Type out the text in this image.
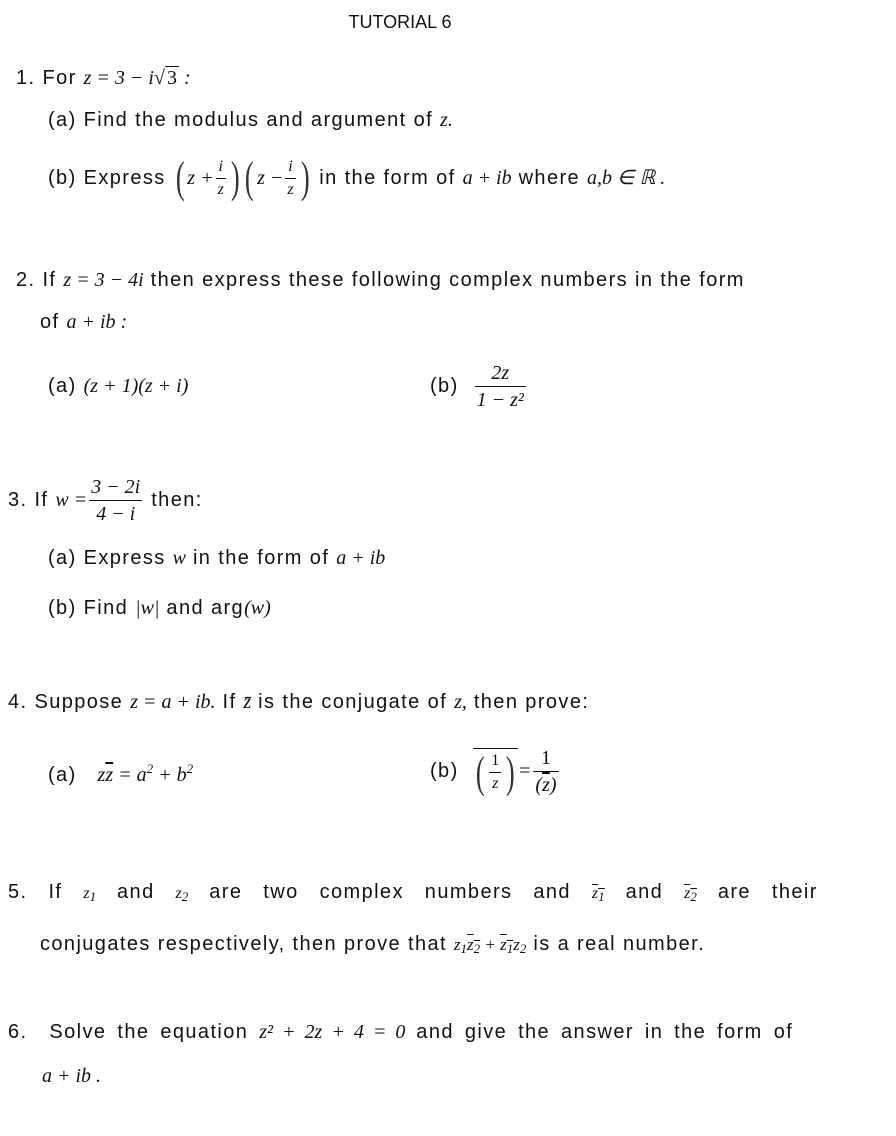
TUTORIAL 6
1. For z = 3 − i√ 3 :
(a) Find the modulus and argument of z.
(b)
Express
( $z + \frac{i}{z}$ ) ( $z - \frac{i}{z}$ )
in the form of
a + ib
where
a,b ∈ ℝ .
2. If z = 3 − 4i then express these following complex numbers in the form
of a + ib :
(a) (z + 1)(z + i)	(b)
$\frac{2z}{\text{1 − z²}}$
3.
If
$w = \frac{3 - 2i}{4 - i}$
then:
(a) Express w in the form of a + ib
(b) Find |w| and arg(w)
4. Suppose z = a + ib. If z̄ is the conjugate of z, then prove:
(a) $z\overline{z} = a^2 + b^2$	(b)
( $\frac{1}{z}$ ) = $\frac{1}{(\overline{z})}$
5. If $z_1$ and $z_2$ are two complex numbers and $z_1$ and $z_2$ are their
conjugates respectively, then prove that $z_1z_2 + z_1z_2$ is a real number.
6. Solve the equation z² + 2z + 4 = 0 and give the answer in the form of
a + ib .
